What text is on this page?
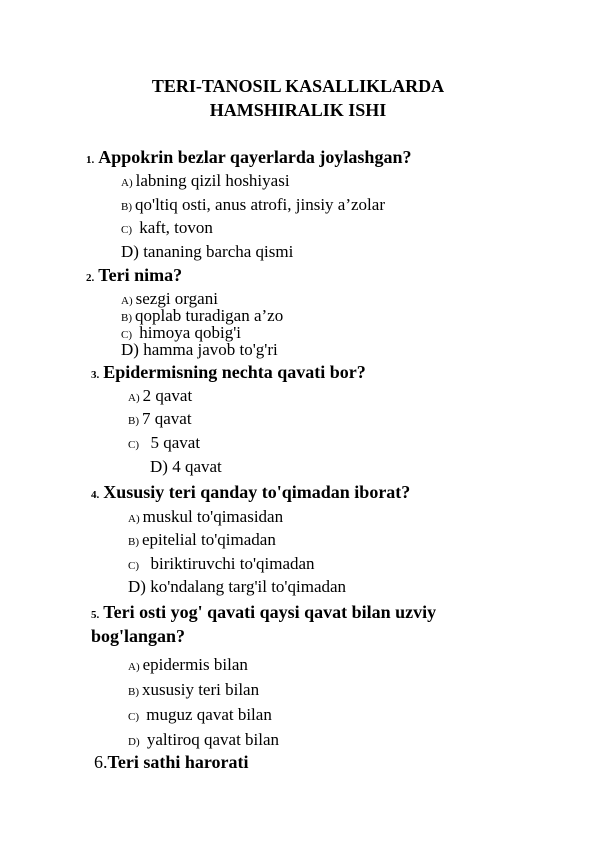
TERI-TANOSIL KASALLIKLARDA
HAMSHIRALIK ISHI
1. Appokrin bezlar qayerlarda joylashgan?
A) labning qizil hoshiyasi
B) qo'ltiq osti, anus atrofi, jinsiy a’zolar
C) kaft, tovon
D) tananing barcha qismi
2. Teri nima?
A) sezgi organi
B) qoplab turadigan a’zo
C) himoya qobig'i
D) hamma javob to'g'ri
3. Epidermisning nechta qavati bor?
A) 2 qavat
B) 7 qavat
C)  5 qavat
D) 4 qavat
4. Xususiy teri qanday to'qimadan iborat?
A) muskul to'qimasidan
B) epitelial to'qimadan
C)  biriktiruvchi to'qimadan
D) ko'ndalang targ'il to'qimadan
5. Teri osti yog' qavati qaysi qavat bilan uzviy
bog'langan?
A) epidermis bilan
B) xususiy teri bilan
C) muguz qavat bilan
D) yaltiroq qavat bilan
6.Teri sathi harorati
